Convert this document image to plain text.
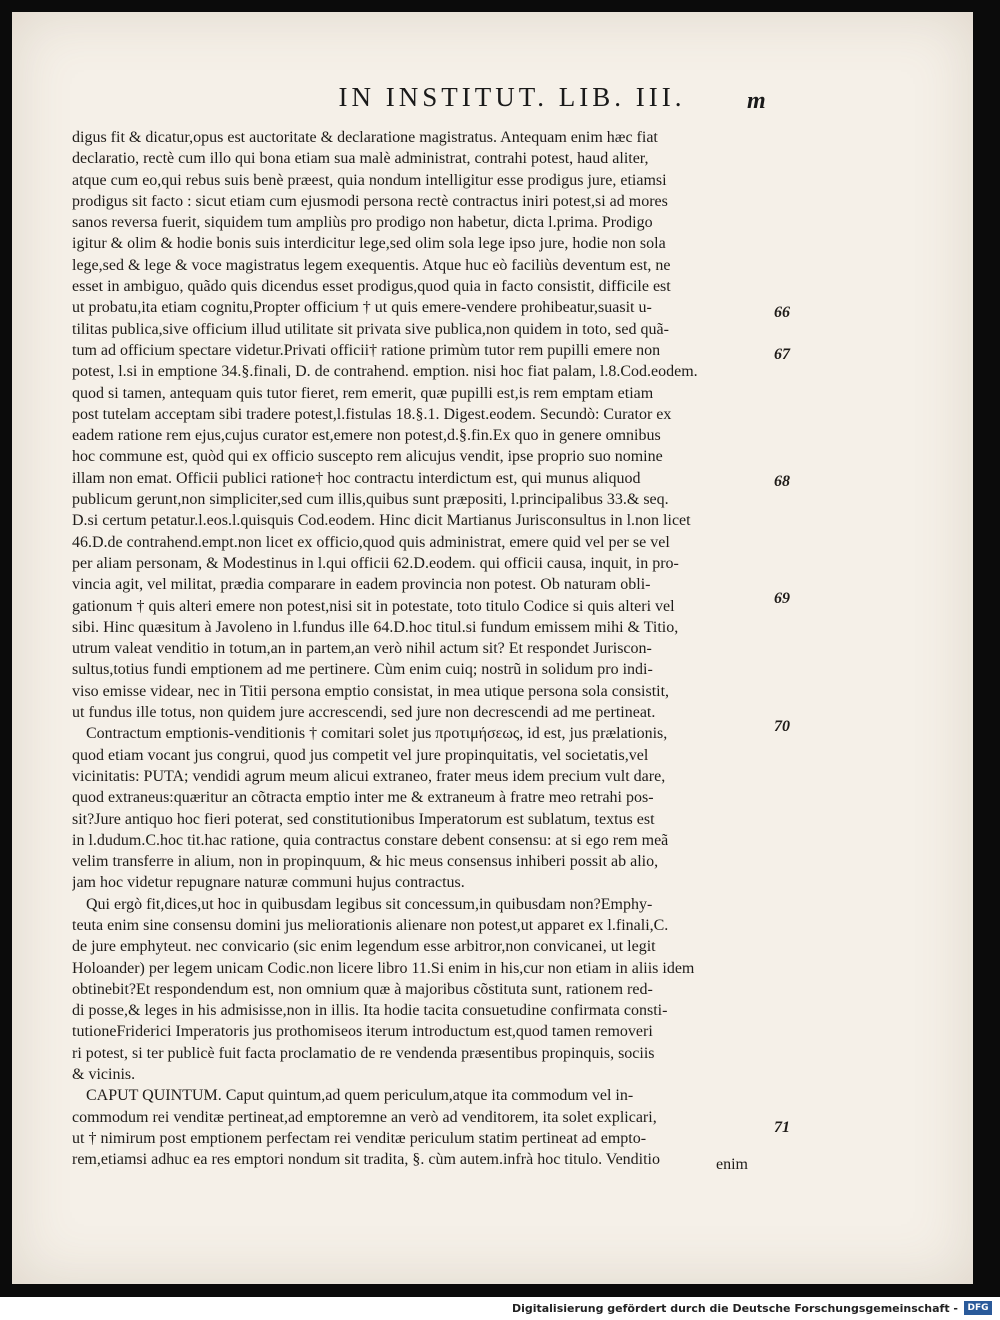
IN INSTITUT. LIB. III.	m
digus fit & dicatur,opus est auctoritate & declaratione magistratus. Antequam enim hæc fiat
declaratio, rectè cum illo qui bona etiam sua malè administrat, contrahi potest, haud aliter,
atque cum eo,qui rebus suis benè præest, quia nondum intelligitur esse prodigus jure, etiamsi
prodigus sit facto : sicut etiam cum ejusmodi persona rectè contractus iniri potest,si ad mores
sanos reversa fuerit, siquidem tum ampliùs pro prodigo non habetur, dicta l.prima. Prodigo
igitur & olim & hodie bonis suis interdicitur lege,sed olim sola lege ipso jure, hodie non sola
lege,sed & lege & voce magistratus legem exequentis. Atque huc eò faciliùs deventum est, ne
esset in ambiguo, quãdo quis dicendus esset prodigus,quod quia in facto consistit, difficile est
ut probatu,ita etiam cognitu,Propter officium † ut quis emere-vendere prohibeatur,suasit u-
tilitas publica,sive officium illud utilitate sit privata sive publica,non quidem in toto, sed quã-
tum ad officium spectare videtur.Privati officii† ratione primùm tutor rem pupilli emere non
potest, l.si in emptione 34.§.finali, D. de contrahend. emption. nisi hoc fiat palam, l.8.Cod.eodem.
quod si tamen, antequam quis tutor fieret, rem emerit, quæ pupilli est,is rem emptam etiam
post tutelam acceptam sibi tradere potest,l.fistulas 18.§.1. Digest.eodem. Secundò: Curator ex
eadem ratione rem ejus,cujus curator est,emere non potest,d.§.fin.Ex quo in genere omnibus
hoc commune est, quòd qui ex officio suscepto rem alicujus vendit, ipse proprio suo nomine
illam non emat. Officii publici ratione† hoc contractu interdictum est, qui munus aliquod
publicum gerunt,non simpliciter,sed cum illis,quibus sunt præpositi, l.principalibus 33.& seq.
D.si certum petatur.l.eos.l.quisquis Cod.eodem. Hinc dicit Martianus Jurisconsultus in l.non licet
46.D.de contrahend.empt.non licet ex officio,quod quis administrat, emere quid vel per se vel
per aliam personam, & Modestinus in l.qui officii 62.D.eodem. qui officii causa, inquit, in pro-
vincia agit, vel militat, prædia comparare in eadem provincia non potest. Ob naturam obli-
gationum † quis alteri emere non potest,nisi sit in potestate, toto titulo Codice si quis alteri vel
sibi. Hinc quæsitum à Javoleno in l.fundus ille 64.D.hoc titul.si fundum emissem mihi & Titio,
utrum valeat venditio in totum,an in partem,an verò nihil actum sit? Et respondet Juriscon-
sultus,totius fundi emptionem ad me pertinere. Cùm enim cuiq; nostrũ in solidum pro indi-
viso emisse videar, nec in Titii persona emptio consistat, in mea utique persona sola consistit,
ut fundus ille totus, non quidem jure accrescendi, sed jure non decrescendi ad me pertineat.
Contractum emptionis-venditionis † comitari solet jus προτιμήσεως, id est, jus prælationis,
quod etiam vocant jus congrui, quod jus competit vel jure propinquitatis, vel societatis,vel
vicinitatis: PUTA; vendidi agrum meum alicui extraneo, frater meus idem precium vult dare,
quod extraneus:quæritur an cõtracta emptio inter me & extraneum à fratre meo retrahi pos-
sit?Jure antiquo hoc fieri poterat, sed constitutionibus Imperatorum est sublatum, textus est
in l.dudum.C.hoc tit.hac ratione, quia contractus constare debent consensu: at si ego rem meã
velim transferre in alium, non in propinquum, & hic meus consensus inhiberi possit ab alio,
jam hoc videtur repugnare naturæ communi hujus contractus.
Qui ergò fit,dices,ut hoc in quibusdam legibus sit concessum,in quibusdam non?Emphy-
teuta enim sine consensu domini jus meliorationis alienare non potest,ut apparet ex l.finali,C.
de jure emphyteut. nec convicario (sic enim legendum esse arbitror,non convicanei, ut legit
Holoander) per legem unicam Codic.non licere libro 11.Si enim in his,cur non etiam in aliis idem
obtinebit?Et respondendum est, non omnium quæ à majoribus cõstituta sunt, rationem red-
di posse,& leges in his admisisse,non in illis. Ita hodie tacita consuetudine confirmata consti-
tutioneFriderici Imperatoris jus prothomiseos iterum introductum est,quod tamen removeri
ri potest, si ter publicè fuit facta proclamatio de re vendenda præsentibus propinquis, sociis
& vicinis.
CAPUT QUINTUM. Caput quintum,ad quem periculum,atque ita commodum vel in-
commodum rei venditæ pertineat,ad emptoremne an verò ad venditorem, ita solet explicari,
ut † nimirum post emptionem perfectam rei venditæ periculum statim pertineat ad empto-
rem,etiamsi adhuc ea res emptori nondum sit tradita, §. cùm autem.infrà hoc titulo. Venditio
66
67
68
69
70
71
enim
Digitalisierung gefördert durch die Deutsche Forschungsgemeinschaft -	DFG
